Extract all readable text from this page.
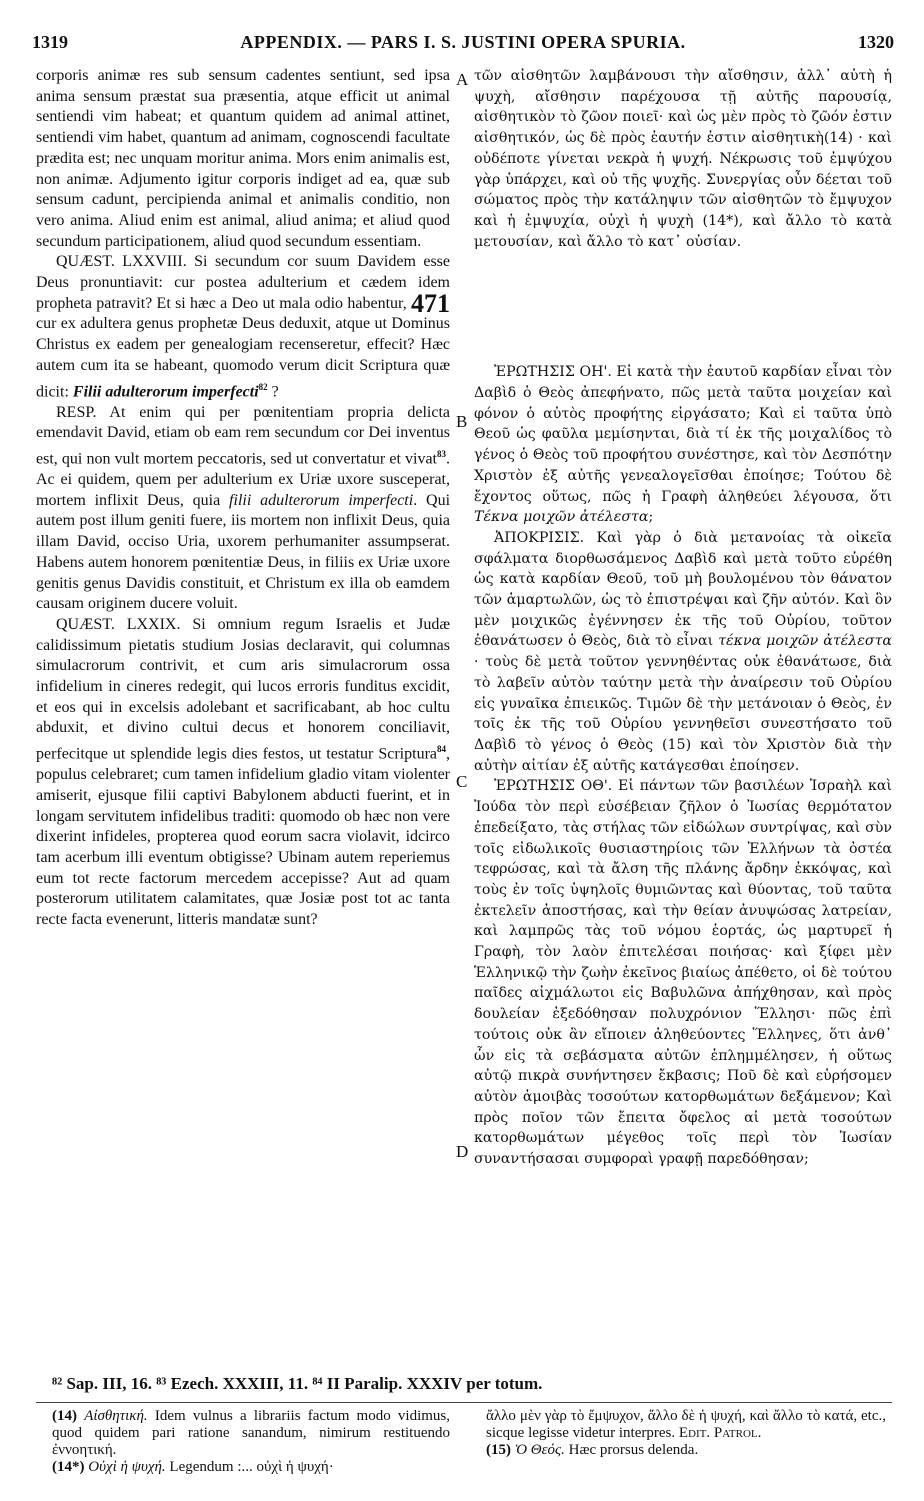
1319	APPENDIX. — PARS I. S. JUSTINI OPERA SPURIA.	1320
A
B
C
D

corporis animæ res sub sensum cadentes sentiunt, sed ipsa anima sensum præstat sua præsentia, atque efficit ut animal sentiendi vim habeat; et quantum quidem ad animal attinet, sentiendi vim habet, quantum ad animam, cognoscendi facultate prædita est; nec unquam moritur anima. Mors enim animalis est, non animæ. Adjumento igitur corporis indiget ad ea, quæ sub sensum cadunt, percipienda animal et animalis conditio, non vero anima. Aliud enim est animal, aliud anima; et aliud quod secundum participationem, aliud quod secundum essentiam.

QUÆST. LXXVIII. Si secundum cor suum Davidem esse Deus pronuntiavit: cur postea adulterium et cædem idem propheta patravit? Et si hæc a Deo ut mala odio habentur, 471 cur ex adultera genus prophetæ Deus deduxit, atque ut Dominus Christus ex eadem per genealogiam recenseretur, effecit? Hæc autem cum ita se habeant, quomodo verum dicit Scriptura quæ dicit: Filii adulterorum imperfecti$^{82}$ ?

RESP. At enim qui per pœnitentiam propria delicta emendavit David, etiam ob eam rem secundum cor Dei inventus est, qui non vult mortem peccatoris, sed ut convertatur et vivat$^{83}$. Ac ei quidem, quem per adulterium ex Uriæ uxore susceperat, mortem inflixit Deus, quia filii adulterorum imperfecti. Qui autem post illum geniti fuere, iis mortem non inflixit Deus, quia illam David, occiso Uria, uxorem perhumaniter assumpserat. Habens autem honorem pœnitentiæ Deus, in filiis ex Uriæ uxore genitis genus Davidis constituit, et Christum ex illa ob eamdem causam originem ducere voluit.

QUÆST. LXXIX. Si omnium regum Israelis et Judæ calidissimum pietatis studium Josias declaravit, qui columnas simulacrorum contrivit, et cum aris simulacrorum ossa infidelium in cineres redegit, qui lucos erroris funditus excidit, et eos qui in excelsis adolebant et sacrificabant, ab hoc cultu abduxit, et divino cultui decus et honorem conciliavit, perfecitque ut splendide legis dies festos, ut testatur Scriptura$^{84}$, populus celebraret; cum tamen infidelium gladio vitam violenter amiserit, ejusque filii captivi Babylonem abducti fuerint, et in longam servitutem infidelibus traditi: quomodo ob hæc non vere dixerint infideles, propterea quod eorum sacra violavit, idcirco tam acerbum illi eventum obtigisse? Ubinam autem reperiemus eum tot recte factorum mercedem accepisse? Aut ad quam posterorum utilitatem calamitates, quæ Josiæ post tot ac tanta recte facta evenerunt, litteris mandatæ sunt?

τῶν αἰσθητῶν λαμβάνουσι τὴν αἴσθησιν, ἀλλ᾽ αὐτὴ ἡ ψυχὴ, αἴσθησιν παρέχουσα τῇ αὐτῆς παρουσίᾳ, αἰσθητικὸν τὸ ζῶον ποιεῖ· καὶ ὡς μὲν πρὸς τὸ ζῶόν ἐστιν αἰσθητικόν, ὡς δὲ πρὸς ἑαυτήν ἐστιν αἰσθητικὴ(14) · καὶ οὐδέποτε γίνεται νεκρὰ ἡ ψυχή. Νέκρωσις τοῦ ἐμψύχου γὰρ ὑπάρχει, καὶ οὐ τῆς ψυχῆς. Συνεργίας οὖν δέεται τοῦ σώματος πρὸς τὴν κατάληψιν τῶν αἰσθητῶν τὸ ἔμψυχον καὶ ἡ ἐμψυχία, οὐχὶ ἡ ψυχὴ (14*), καὶ ἄλλο τὸ κατὰ μετουσίαν, καὶ ἄλλο τὸ κατ᾽ οὐσίαν.

ἘΡΩΤΗΣΙΣ ΟΗ'. Εἰ κατὰ τὴν ἑαυτοῦ καρδίαν εἶναι τὸν Δαβὶδ ὁ Θεὸς ἀπεφήνατο, πῶς μετὰ ταῦτα μοιχείαν καὶ φόνον ὁ αὐτὸς προφήτης εἰργάσατο; Καὶ εἰ ταῦτα ὑπὸ Θεοῦ ὡς φαῦλα μεμίσηνται, διὰ τί ἐκ τῆς μοιχαλίδος τὸ γένος ὁ Θεὸς τοῦ προφήτου συνέστησε, καὶ τὸν Δεσπότην Χριστὸν ἐξ αὐτῆς γενεαλογεῖσθαι ἐποίησε; Τούτου δὲ ἔχοντος οὕτως, πῶς ἡ Γραφὴ ἀληθεύει λέγουσα, ὅτι Τέκνα μοιχῶν ἀτέλεστα;

ἈΠΟΚΡΙΣΙΣ. Καὶ γὰρ ὁ διὰ μετανοίας τὰ οἰκεῖα σφάλματα διορθωσάμενος Δαβὶδ καὶ μετὰ τοῦτο εὑρέθη ὡς κατὰ καρδίαν Θεοῦ, τοῦ μὴ βουλομένου τὸν θάνατον τῶν ἁμαρτωλῶν, ὡς τὸ ἐπιστρέψαι καὶ ζῆν αὐτόν. Καὶ ὃν μὲν μοιχικῶς ἐγέννησεν ἐκ τῆς τοῦ Οὐρίου, τοῦτον ἐθανάτωσεν ὁ Θεὸς, διὰ τὸ εἶναι τέκνα μοιχῶν ἀτέλεστα · τοὺς δὲ μετὰ τοῦτον γεννηθέντας οὐκ ἐθανάτωσε, διὰ τὸ λαβεῖν αὐτὸν ταύτην μετὰ τὴν ἀναίρεσιν τοῦ Οὐρίου εἰς γυναῖκα ἐπιεικῶς. Τιμῶν δὲ τὴν μετάνοιαν ὁ Θεὸς, ἐν τοῖς ἐκ τῆς τοῦ Οὐρίου γεννηθεῖσι συνεστήσατο τοῦ Δαβὶδ τὸ γένος ὁ Θεὸς (15) καὶ τὸν Χριστὸν διὰ τὴν αὐτὴν αἰτίαν ἐξ αὐτῆς κατάγεσθαι ἐποίησεν.

ἘΡΩΤΗΣΙΣ ΟΘ'. Εἰ πάντων τῶν βασιλέων Ἰσραὴλ καὶ Ἰούδα τὸν περὶ εὐσέβειαν ζῆλον ὁ Ἰωσίας θερμότατον ἐπεδείξατο, τὰς στήλας τῶν εἰδώλων συντρίψας, καὶ σὺν τοῖς εἰδωλικοῖς θυσιαστηρίοις τῶν Ἑλλήνων τὰ ὀστέα τεφρώσας, καὶ τὰ ἄλση τῆς πλάνης ἄρδην ἐκκόψας, καὶ τοὺς ἐν τοῖς ὑψηλοῖς θυμιῶντας καὶ θύοντας, τοῦ ταῦτα ἐκτελεῖν ἀποστήσας, καὶ τὴν θείαν ἀνυψώσας λατρείαν, καὶ λαμπρῶς τὰς τοῦ νόμου ἑορτάς, ὡς μαρτυρεῖ ἡ Γραφὴ, τὸν λαὸν ἐπιτελέσαι ποιήσας· καὶ ξίφει μὲν Ἑλληνικῷ τὴν ζωὴν ἐκεῖνος βιαίως ἀπέθετο, οἱ δὲ τούτου παῖδες αἰχμάλωτοι εἰς Βαβυλῶνα ἀπήχθησαν, καὶ πρὸς δουλείαν ἐξεδόθησαν πολυχρόνιον Ἕλλησι· πῶς ἐπὶ τούτοις οὐκ ἂν εἴποιεν ἀληθεύοντες Ἕλληνες, ὅτι ἀνθ᾽ ὧν εἰς τὰ σεβάσματα αὐτῶν ἐπλημμέλησεν, ἡ οὕτως αὐτῷ πικρὰ συνήντησεν ἔκβασις; Ποῦ δὲ καὶ εὑρήσομεν αὐτὸν ἀμοιβὰς τοσούτων κατορθωμάτων δεξάμενον; Καὶ πρὸς ποῖον τῶν ἔπειτα ὄφελος αἱ μετὰ τοσούτων κατορθωμάτων μέγεθος τοῖς περὶ τὸν Ἰωσίαν συναντήσασαι συμφοραὶ γραφῇ παρεδόθησαν;

⁸² Sap. III, 16. ⁸³ Ezech. XXXIII, 11. ⁸⁴ II Paralip. XXXIV per totum.

(14) Αἰσθητική. Idem vulnus a librariis factum modo vidimus, quod quidem pari ratione sanandum, nimirum restituendo ἐννοητική.

(14*) Οὐχὶ ἡ ψυχή. Legendum :... οὐχὶ ἡ ψυχή·

ἄλλο μὲν γὰρ τὸ ἔμψυχον, ἄλλο δὲ ἡ ψυχή, καὶ ἄλλο τὸ κατά, etc., sicque legisse videtur interpres. Edit. Patrol.

(15) Ὁ Θεός. Hæc prorsus delenda.
